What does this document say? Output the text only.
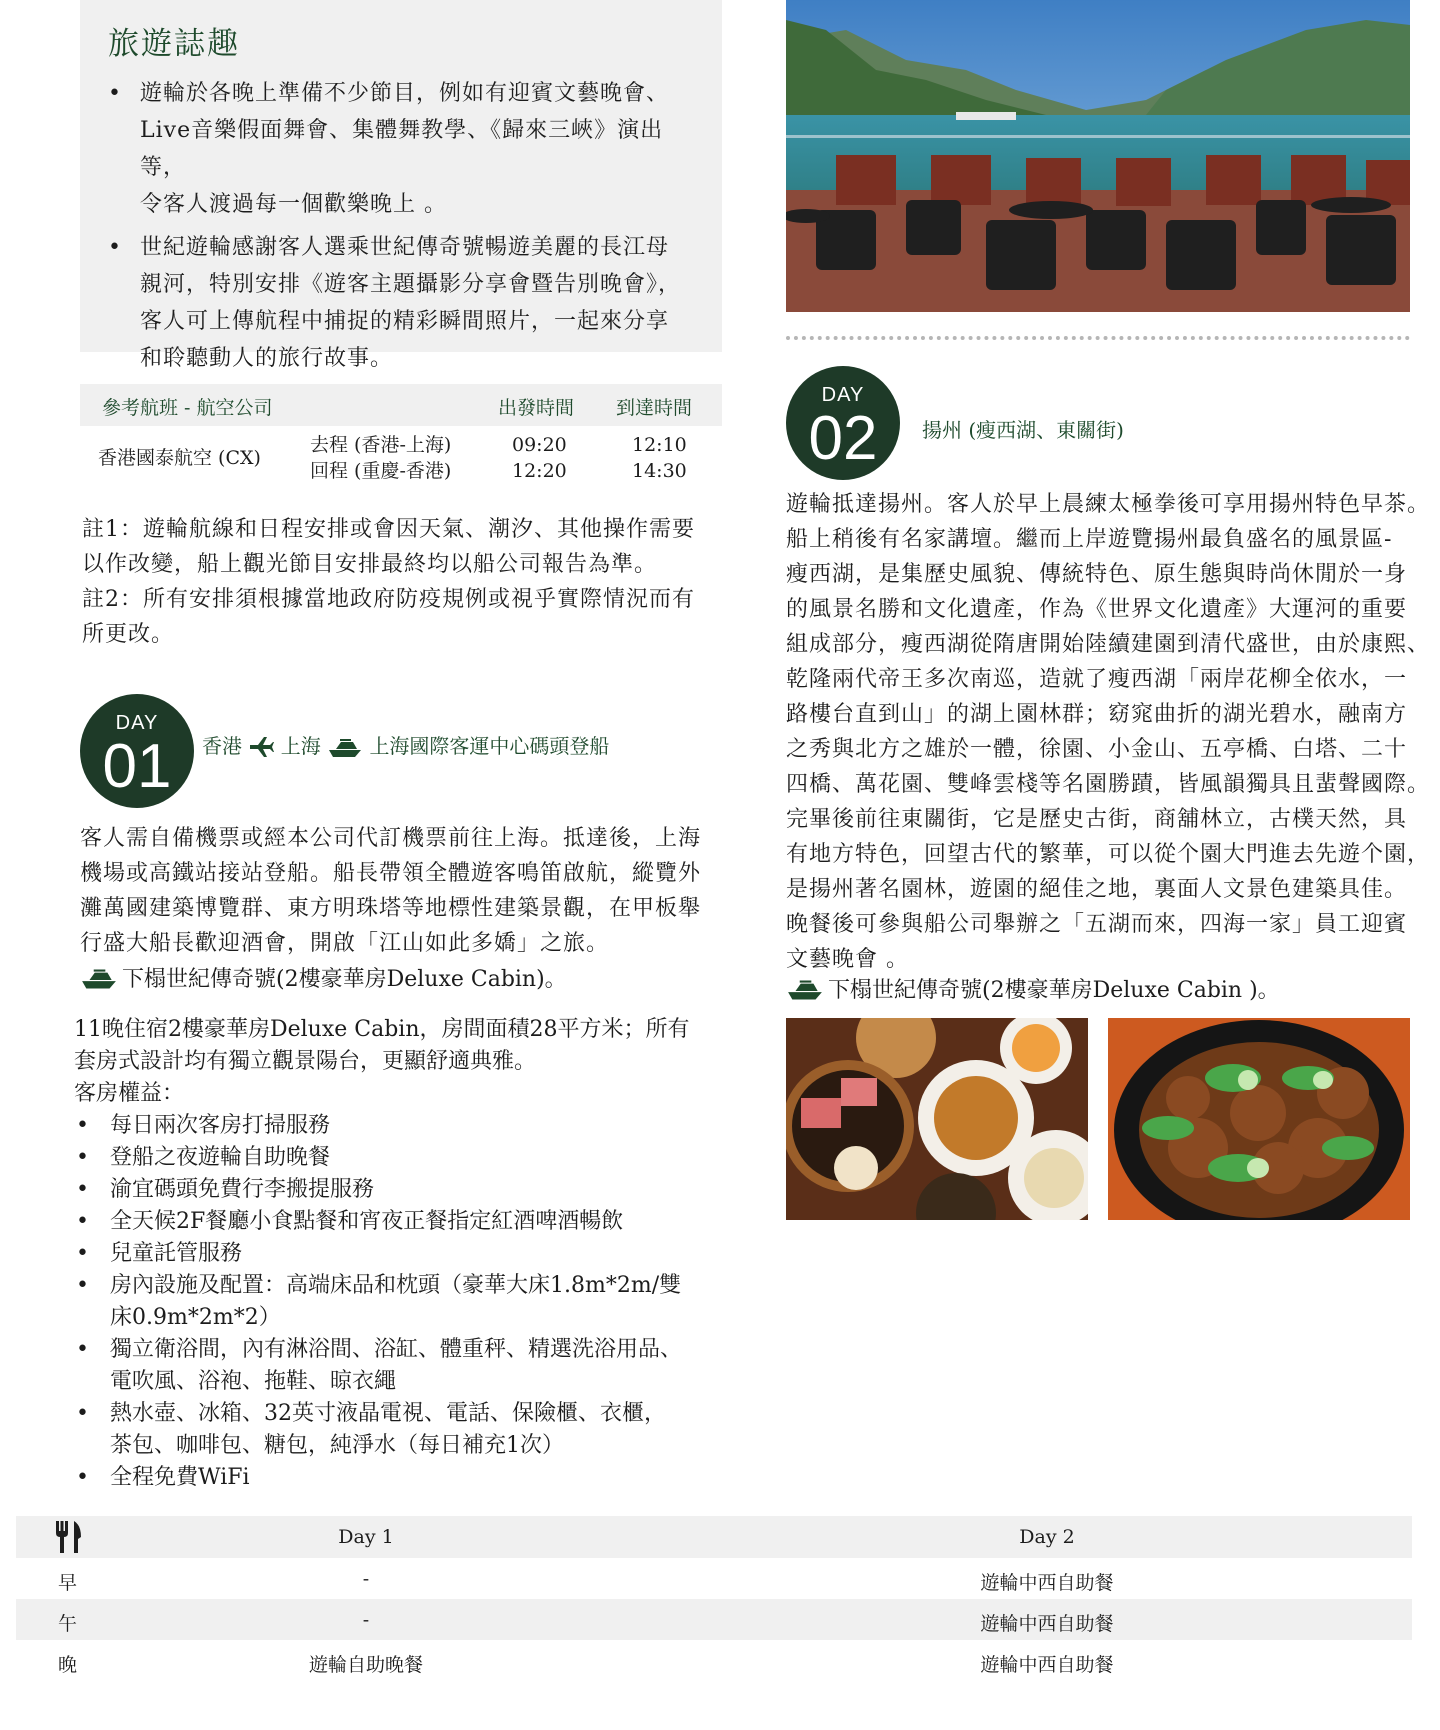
旅遊誌趣
• 遊輪於各晚上準備不少節目，例如有迎賓文藝晚會、
Live音樂假面舞會、集體舞教學、《歸來三峽》演出等，
令客人渡過每一個歡樂晚上 。
• 世紀遊輪感謝客人選乘世紀傳奇號暢遊美麗的長江母
親河，特別安排《遊客主題攝影分享會暨告別晚會》，
客人可上傳航程中捕捉的精彩瞬間照片，一起來分享
和聆聽動人的旅行故事。
參考航班 - 航空公司	出發時間 到達時間
香港國泰航空 (CX)
去程 (香港-上海)	09:20	12:10
回程 (重慶-香港)	12:20	14:30

註1：遊輪航線和日程安排或會因天氣、潮汐、其他操作需要
以作改變，船上觀光節目安排最終均以船公司報告為準。

註2：所有安排須根據當地政府防疫規例或視乎實際情況而有
所更改。

DAY
01	香港 上海 上海國際客運中心碼頭登船

客人需自備機票或經本公司代訂機票前往上海。抵達後，上海

機場或高鐵站接站登船。船長帶領全體遊客鳴笛啟航，縱覽外

灘萬國建築博覽群、東方明珠塔等地標性建築景觀，在甲板舉

行盛大船長歡迎酒會，開啟「江山如此多嬌」之旅。

下榻世紀傳奇號(2樓豪華房Deluxe Cabin)。
11晚住宿2樓豪華房Deluxe Cabin，房間面積28平方米；所有
套房式設計均有獨立觀景陽台，更顯舒適典雅。
客房權益：
• 每日兩次客房打掃服務
• 登船之夜遊輪自助晚餐
• 渝宜碼頭免費行李搬提服務
• 全天候2F餐廳小食點餐和宵夜正餐指定紅酒啤酒暢飲
• 兒童託管服務
• 房內設施及配置：高端床品和枕頭（豪華大床1.8m*2m/雙
床0.9m*2m*2）
• 獨立衛浴間，內有淋浴間、浴缸、體重秤、精選洗浴用品、
電吹風、浴袍、拖鞋、晾衣繩
• 熱水壺、冰箱、32英寸液晶電視、電話、保險櫃、衣櫃，
茶包、咖啡包、糖包，純淨水（每日補充1次）
• 全程免費WiFi
DAY
02	揚州 (瘦西湖、東關街)

遊輪抵達揚州。客人於早上晨練太極拳後可享用揚州特色早茶。

船上稍後有名家講壇。繼而上岸遊覽揚州最負盛名的風景區-

瘦西湖，是集歷史風貌、傳統特色、原生態與時尚休閒於一身

的風景名勝和文化遺產，作為《世界文化遺產》大運河的重要

組成部分，瘦西湖從隋唐開始陸續建園到清代盛世，由於康熙、

乾隆兩代帝王多次南巡，造就了瘦西湖「兩岸花柳全依水，一

路樓台直到山」的湖上園林群；窈窕曲折的湖光碧水，融南方

之秀與北方之雄於一體，徐園、小金山、五亭橋、白塔、二十

四橋、萬花園、雙峰雲棧等名園勝蹟，皆風韻獨具且蜚聲國際。

完畢後前往東關街，它是歷史古街，商舖林立，古樸天然，具

有地方特色，回望古代的繁華，可以從个園大門進去先遊个園，

是揚州著名園林，遊園的絕佳之地，裏面人文景色建築具佳。

晚餐後可參與船公司舉辦之「五湖而來，四海一家」員工迎賓

文藝晚會 。

下榻世紀傳奇號(2樓豪華房Deluxe Cabin )。
Day 1	Day 2
早	-	遊輪中西自助餐
午	-	遊輪中西自助餐
晚	遊輪自助晚餐	遊輪中西自助餐
